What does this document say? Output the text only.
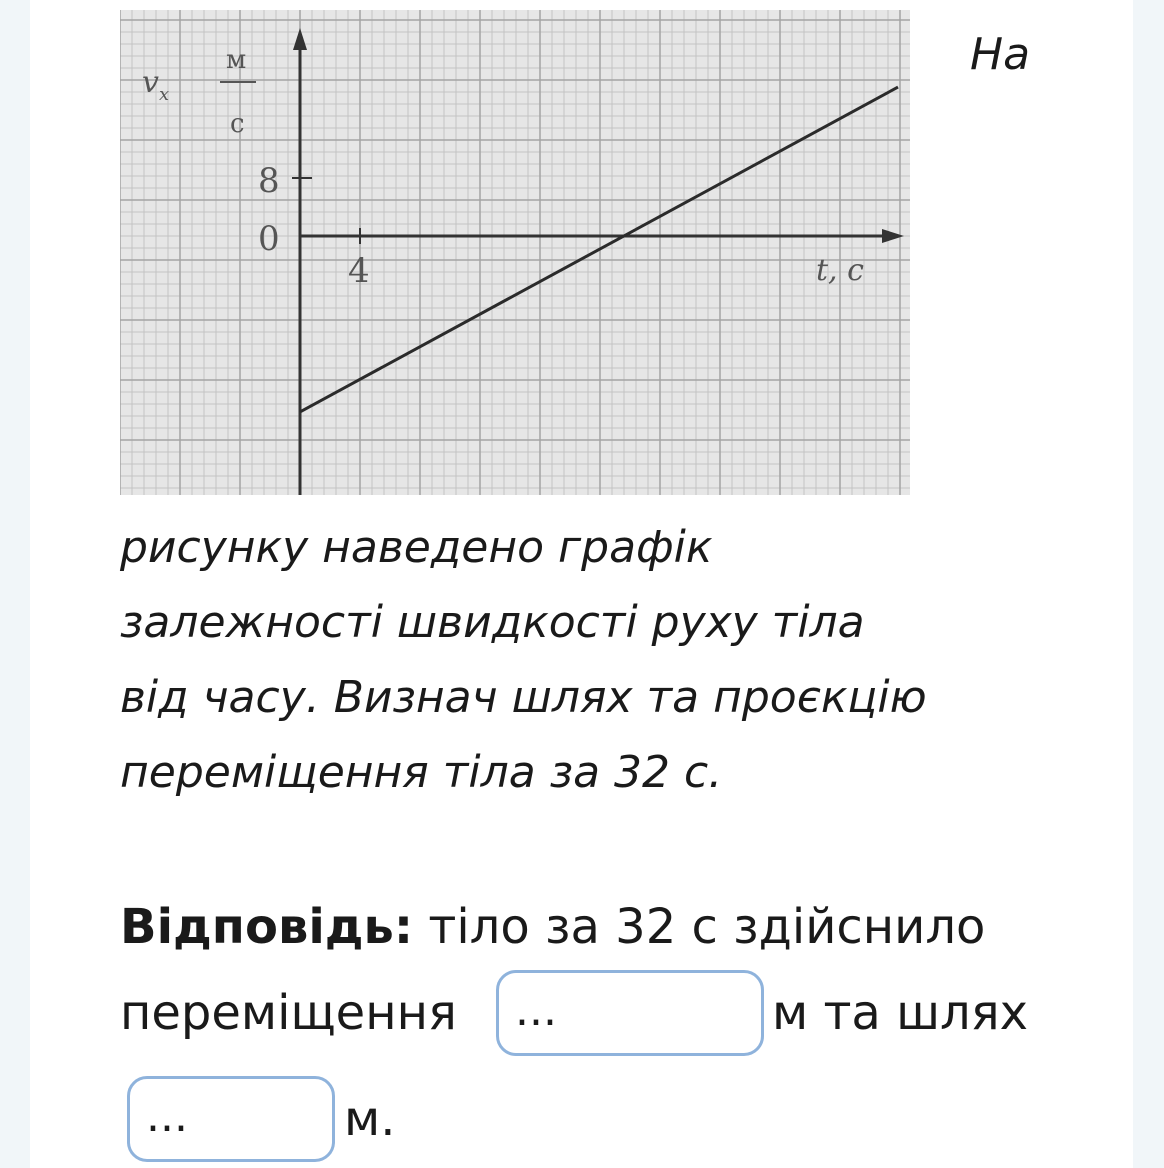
$v_x$
м
с
8
0
4	t, с
На
рисунку наведено графік
залежності швидкості руху тіла
від часу. Визнач шлях та проєкцію
переміщення тіла за 32 с.
Відповідь: тіло за 32 с здійснило
переміщення	...	м та шлях
...	м.
